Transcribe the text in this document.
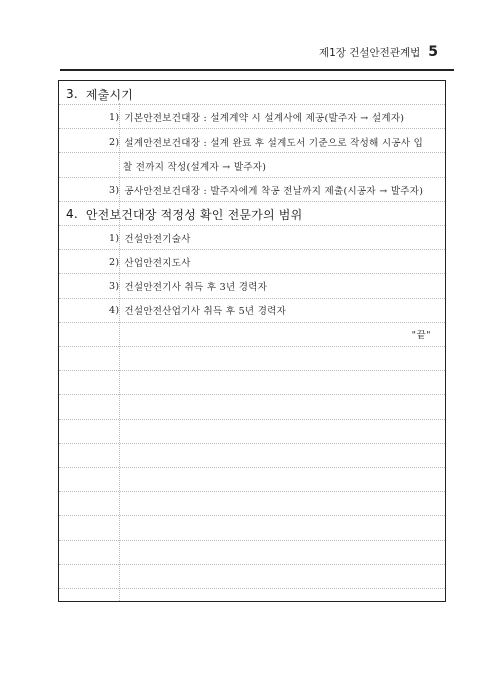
제1장 건설안전관계법 5
3. 제출시기
1) 기본안전보건대장 : 설계계약 시 설계사에 제공(발주자 → 설계자)
2) 설계안전보건대장 : 설계 완료 후 설계도서 기준으로 작성해 시공사 입
찰 전까지 작성(설계자 → 발주자)
3) 공사안전보건대장 : 발주자에게 착공 전날까지 제출(시공자 → 발주자)
4. 안전보건대장 적정성 확인 전문가의 범위
1) 건설안전기술사
2) 산업안전지도사
3) 건설안전기사 취득 후 3년 경력자
4) 건설안전산업기사 취득 후 5년 경력자
"끝"
